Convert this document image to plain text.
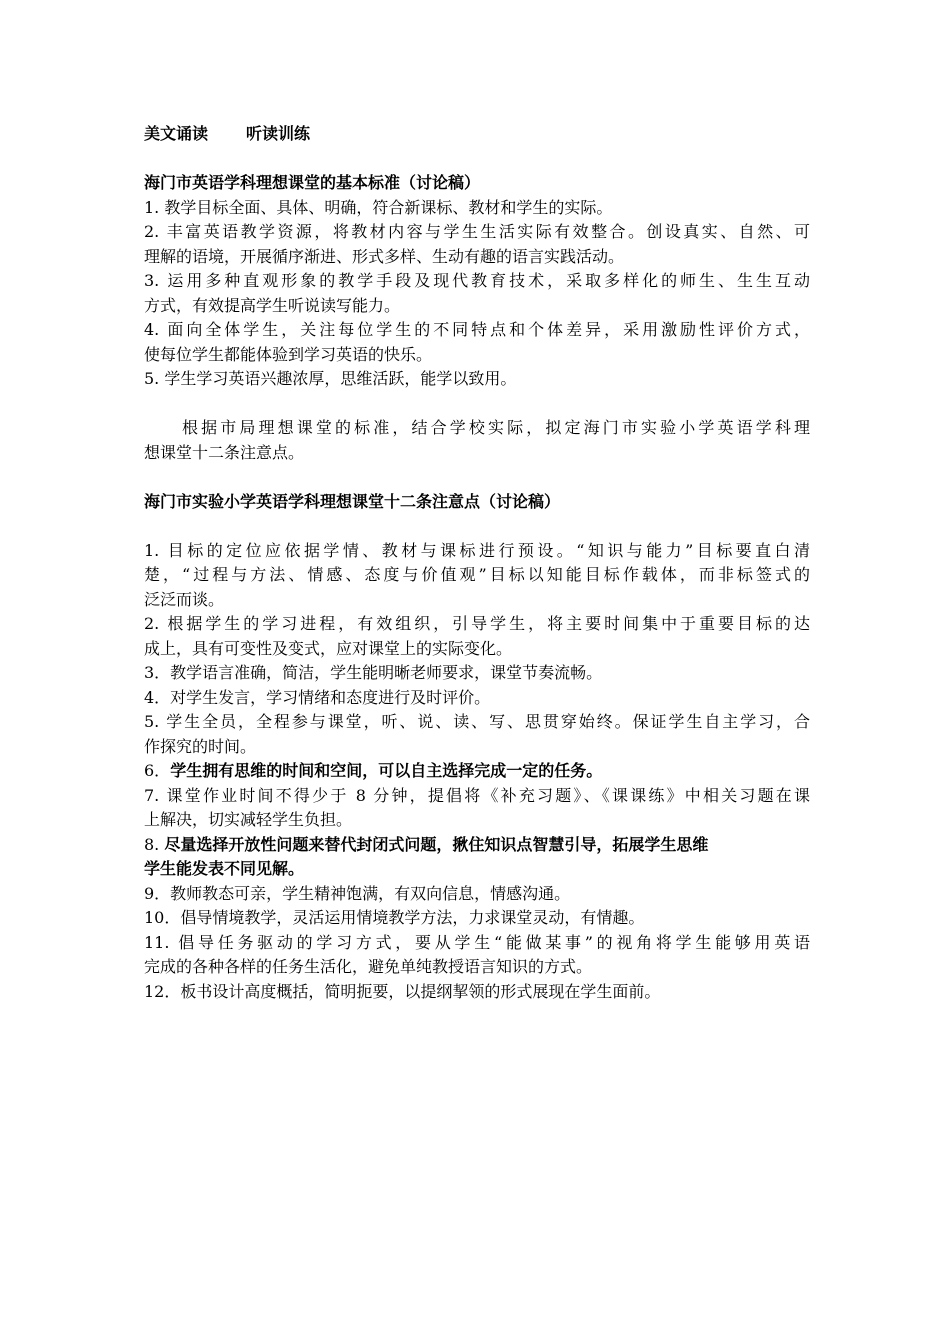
美文诵读 听读训练
海门市英语学科理想课堂的基本标准（讨论稿）
1. 教学目标全面、具体、明确，符合新课标、教材和学生的实际。
2. 丰富英语教学资源，将教材内容与学生生活实际有效整合。创设真实、自然、可
理解的语境，开展循序渐进、形式多样、生动有趣的语言实践活动。
3. 运用多种直观形象的教学手段及现代教育技术，采取多样化的师生、生生互动
方式，有效提高学生听说读写能力。
4. 面向全体学生，关注每位学生的不同特点和个体差异，采用激励性评价方式，
使每位学生都能体验到学习英语的快乐。
5. 学生学习英语兴趣浓厚，思维活跃，能学以致用。
根据市局理想课堂的标准，结合学校实际，拟定海门市实验小学英语学科理
想课堂十二条注意点。
海门市实验小学英语学科理想课堂十二条注意点（讨论稿）
1. 目标的定位应依据学情、教材与课标进行预设。“知识与能力”目标要直白清
楚，“过程与方法、情感、态度与价值观”目标以知能目标作载体，而非标签式的
泛泛而谈。
2. 根据学生的学习进程，有效组织，引导学生，将主要时间集中于重要目标的达
成上，具有可变性及变式，应对课堂上的实际变化。
3．教学语言准确，简洁，学生能明晰老师要求，课堂节奏流畅。
4．对学生发言，学习情绪和态度进行及时评价。
5. 学生全员，全程参与课堂，听、说、读、写、思贯穿始终。保证学生自主学习，合
作探究的时间。
6．学生拥有思维的时间和空间，可以自主选择完成一定的任务。
7. 课堂作业时间不得少于 8 分钟，提倡将《补充习题》、《课课练》中相关习题在课
上解决，切实减轻学生负担。
8. 尽量选择开放性问题来替代封闭式问题，揪住知识点智慧引导，拓展学生思维
学生能发表不同见解。
9．教师教态可亲，学生精神饱满，有双向信息，情感沟通。
10．倡导情境教学，灵活运用情境教学方法，力求课堂灵动，有情趣。
11. 倡导任务驱动的学习方式，要从学生“能做某事”的视角将学生能够用英语
完成的各种各样的任务生活化，避免单纯教授语言知识的方式。
12．板书设计高度概括，简明扼要，以提纲挈领的形式展现在学生面前。
